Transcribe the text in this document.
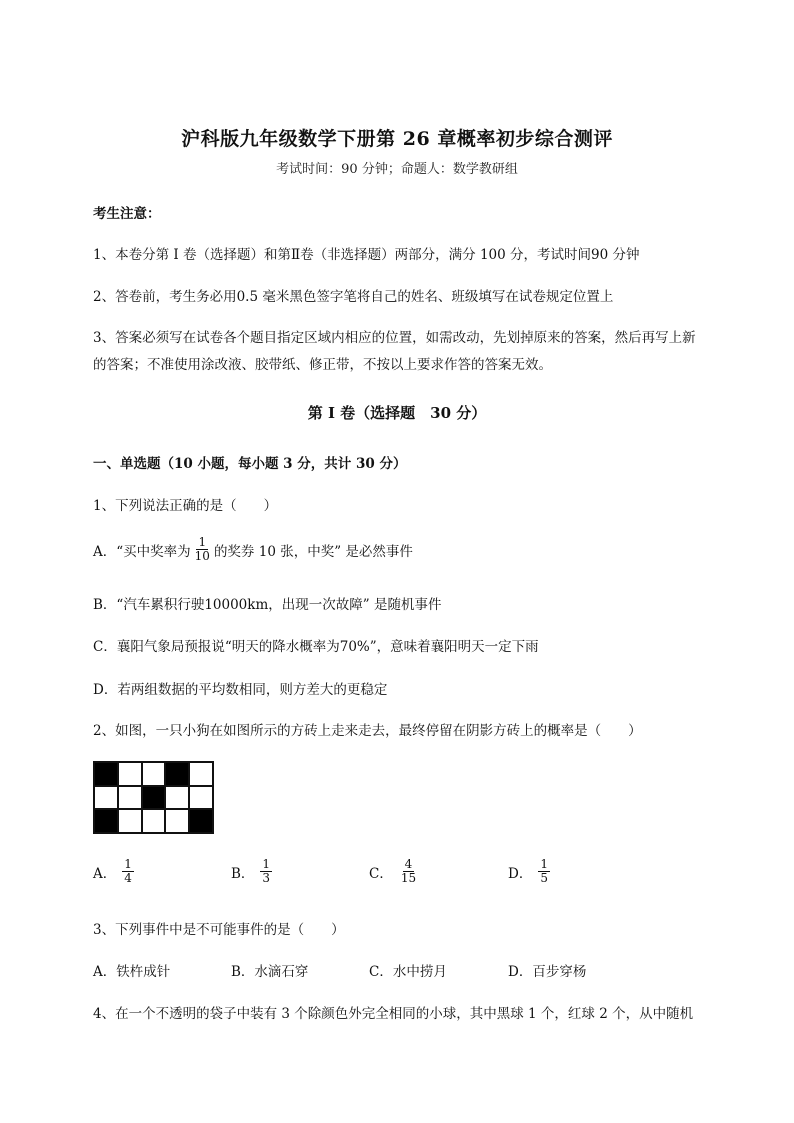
沪科版九年级数学下册第 26 章概率初步综合测评
考试时间：90 分钟；命题人：数学教研组
考生注意：
1、本卷分第 I 卷（选择题）和第Ⅱ卷（非选择题）两部分，满分 100 分，考试时间90 分钟
2、答卷前，考生务必用0.5 毫米黑色签字笔将自己的姓名、班级填写在试卷规定位置上
3、答案必须写在试卷各个题目指定区域内相应的位置，如需改动，先划掉原来的答案，然后再写上新
的答案；不准使用涂改液、胶带纸、修正带，不按以上要求作答的答案无效。
第 I 卷（选择题　30 分）
一、单选题（10 小题，每小题 3 分，共计 30 分）
1、下列说法正确的是（　　）
A．“买中奖率为 $\frac{1}{10}$ 的奖券 10 张，中奖” 是必然事件
B．“汽车累积行驶10000km，出现一次故障” 是随机事件
C．襄阳气象局预报说“明天的降水概率为70%”，意味着襄阳明天一定下雨
D．若两组数据的平均数相同，则方差大的更稳定
2、如图，一只小狗在如图所示的方砖上走来走去，最终停留在阴影方砖上的概率是（　　）
A． $\frac{1}{4}$	B． $\frac{1}{3}$	C． $\frac{4}{15}$	D． $\frac{1}{5}$
3、下列事件中是不可能事件的是（　　）
A．铁杵成针	B．水滴石穿	C．水中捞月	D．百步穿杨
4、在一个不透明的袋子中装有 3 个除颜色外完全相同的小球，其中黑球 1 个，红球 2 个，从中随机
